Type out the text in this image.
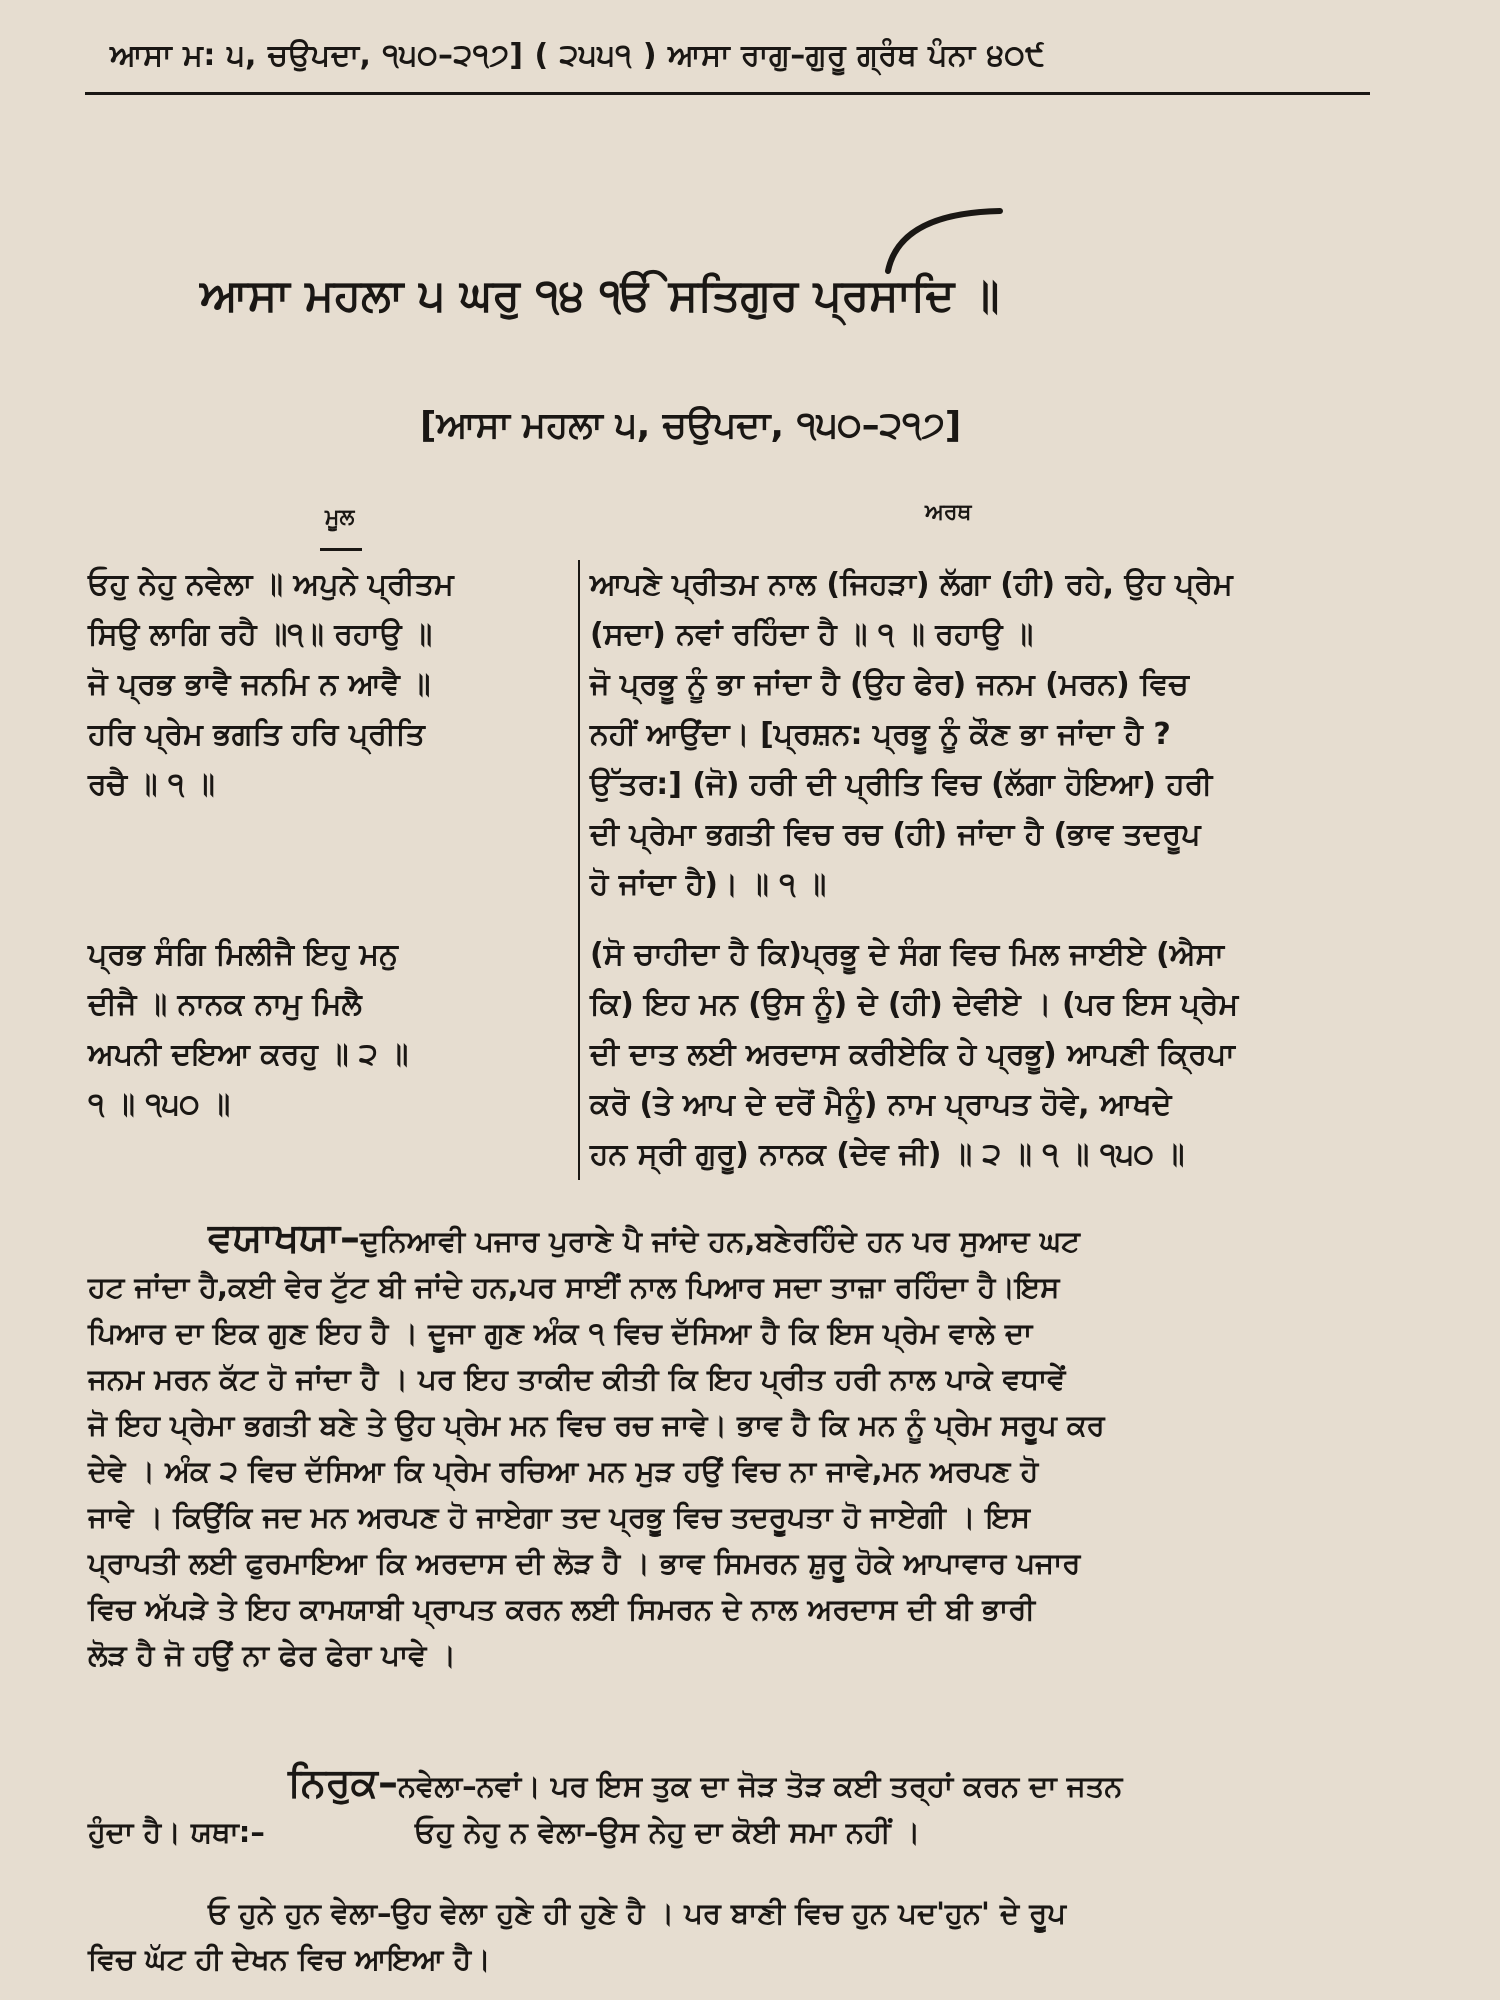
ਆਸਾ ਮ: ੫, ਚਉਪਦਾ, ੧੫੦–੨੧੭] ( ੨੫੫੧ ) ਆਸਾ ਰਾਗੁ–ਗੁਰੂ ਗ੍ਰੰਥ ਪੰਨਾ ੪੦੯
ਆਸਾ ਮਹਲਾ ੫ ਘਰੁ ੧੪ ੴ ਸਤਿਗੁਰ ਪ੍ਰਸਾਦਿ ॥
[ਆਸਾ ਮਹਲਾ ੫, ਚਉਪਦਾ, ੧੫੦–੨੧੭]
ਮੂਲ	ਅਰਥ

ਓਹੁ ਨੇਹੁ ਨਵੇਲਾ ॥ ਅਪੁਨੇ ਪ੍ਰੀਤਮ

ਸਿਉ ਲਾਗਿ ਰਹੈ ॥੧॥ ਰਹਾਉ ॥

ਜੋ ਪ੍ਰਭ ਭਾਵੈ ਜਨਮਿ ਨ ਆਵੈ ॥

ਹਰਿ ਪ੍ਰੇਮ ਭਗਤਿ ਹਰਿ ਪ੍ਰੀਤਿ

ਰਚੈ ॥ ੧ ॥

ਪ੍ਰਭ ਸੰਗਿ ਮਿਲੀਜੈ ਇਹੁ ਮਨੁ

ਦੀਜੈ ॥ ਨਾਨਕ ਨਾਮੁ ਮਿਲੈ

ਅਪਨੀ ਦਇਆ ਕਰਹੁ ॥ ੨ ॥

੧ ॥ ੧੫੦ ॥

ਆਪਣੇ ਪ੍ਰੀਤਮ ਨਾਲ (ਜਿਹੜਾ) ਲੱਗਾ (ਹੀ) ਰਹੇ, ਉਹ ਪ੍ਰੇਮ

(ਸਦਾ) ਨਵਾਂ ਰਹਿੰਦਾ ਹੈ ॥ ੧ ॥ ਰਹਾਉ ॥

ਜੋ ਪ੍ਰਭੂ ਨੂੰ ਭਾ ਜਾਂਦਾ ਹੈ (ਉਹ ਫੇਰ) ਜਨਮ (ਮਰਨ) ਵਿਚ

ਨਹੀਂ ਆਉਂਦਾ। [ਪ੍ਰਸ਼ਨ: ਪ੍ਰਭੂ ਨੂੰ ਕੌਣ ਭਾ ਜਾਂਦਾ ਹੈ ?

ਉੱਤਰ:] (ਜੋ) ਹਰੀ ਦੀ ਪ੍ਰੀਤਿ ਵਿਚ (ਲੱਗਾ ਹੋਇਆ) ਹਰੀ

ਦੀ ਪ੍ਰੇਮਾ ਭਗਤੀ ਵਿਚ ਰਚ (ਹੀ) ਜਾਂਦਾ ਹੈ (ਭਾਵ ਤਦਰੂਪ

ਹੋ ਜਾਂਦਾ ਹੈ)। ॥ ੧ ॥

(ਸੋ ਚਾਹੀਦਾ ਹੈ ਕਿ)ਪ੍ਰਭੂ ਦੇ ਸੰਗ ਵਿਚ ਮਿਲ ਜਾਈਏ (ਐਸਾ

ਕਿ) ਇਹ ਮਨ (ਉਸ ਨੂੰ) ਦੇ (ਹੀ) ਦੇਵੀਏ । (ਪਰ ਇਸ ਪ੍ਰੇਮ

ਦੀ ਦਾਤ ਲਈ ਅਰਦਾਸ ਕਰੀਏਕਿ ਹੇ ਪ੍ਰਭੂ) ਆਪਣੀ ਕ੍ਰਿਪਾ

ਕਰੋ (ਤੇ ਆਪ ਦੇ ਦਰੋਂ ਮੈਨੂੰ) ਨਾਮ ਪ੍ਰਾਪਤ ਹੋਵੇ, ਆਖਦੇ

ਹਨ ਸ੍ਰੀ ਗੁਰੂ) ਨਾਨਕ (ਦੇਵ ਜੀ) ॥ ੨ ॥ ੧ ॥ ੧੫੦ ॥

ਵਯਾਖਯਾ–ਦੁਨਿਆਵੀ ਪਜਾਰ ਪੁਰਾਣੇ ਪੈ ਜਾਂਦੇ ਹਨ,ਬਣੇਰਹਿੰਦੇ ਹਨ ਪਰ ਸੁਆਦ ਘਟ

ਹਟ ਜਾਂਦਾ ਹੈ,ਕਈ ਵੇਰ ਟੁੱਟ ਬੀ ਜਾਂਦੇ ਹਨ,ਪਰ ਸਾਈਂ ਨਾਲ ਪਿਆਰ ਸਦਾ ਤਾਜ਼ਾ ਰਹਿੰਦਾ ਹੈ।ਇਸ

ਪਿਆਰ ਦਾ ਇਕ ਗੁਣ ਇਹ ਹੈ । ਦੂਜਾ ਗੁਣ ਅੰਕ ੧ ਵਿਚ ਦੱਸਿਆ ਹੈ ਕਿ ਇਸ ਪ੍ਰੇਮ ਵਾਲੇ ਦਾ

ਜਨਮ ਮਰਨ ਕੱਟ ਹੋ ਜਾਂਦਾ ਹੈ । ਪਰ ਇਹ ਤਾਕੀਦ ਕੀਤੀ ਕਿ ਇਹ ਪ੍ਰੀਤ ਹਰੀ ਨਾਲ ਪਾਕੇ ਵਧਾਵੇਂ

ਜੋ ਇਹ ਪ੍ਰੇਮਾ ਭਗਤੀ ਬਣੇ ਤੇ ਉਹ ਪ੍ਰੇਮ ਮਨ ਵਿਚ ਰਚ ਜਾਵੇ। ਭਾਵ ਹੈ ਕਿ ਮਨ ਨੂੰ ਪ੍ਰੇਮ ਸਰੂਪ ਕਰ

ਦੇਵੇ । ਅੰਕ ੨ ਵਿਚ ਦੱਸਿਆ ਕਿ ਪ੍ਰੇਮ ਰਚਿਆ ਮਨ ਮੁੜ ਹਉਂ ਵਿਚ ਨਾ ਜਾਵੇ,ਮਨ ਅਰਪਣ ਹੋ

ਜਾਵੇ । ਕਿਉਂਕਿ ਜਦ ਮਨ ਅਰਪਣ ਹੋ ਜਾਏਗਾ ਤਦ ਪ੍ਰਭੂ ਵਿਚ ਤਦਰੂਪਤਾ ਹੋ ਜਾਏਗੀ । ਇਸ

ਪ੍ਰਾਪਤੀ ਲਈ ਫੁਰਮਾਇਆ ਕਿ ਅਰਦਾਸ ਦੀ ਲੋੜ ਹੈ । ਭਾਵ ਸਿਮਰਨ ਸ਼ੁਰੂ ਹੋਕੇ ਆਪਾਵਾਰ ਪਜਾਰ

ਵਿਚ ਅੱਪੜੇ ਤੇ ਇਹ ਕਾਮਯਾਬੀ ਪ੍ਰਾਪਤ ਕਰਨ ਲਈ ਸਿਮਰਨ ਦੇ ਨਾਲ ਅਰਦਾਸ ਦੀ ਬੀ ਭਾਰੀ

ਲੋੜ ਹੈ ਜੋ ਹਉਂ ਨਾ ਫੇਰ ਫੇਰਾ ਪਾਵੇ ।

ਨਿਰੁਕ–ਨਵੇਲਾ–ਨਵਾਂ। ਪਰ ਇਸ ਤੁਕ ਦਾ ਜੋੜ ਤੋੜ ਕਈ ਤਰ੍ਹਾਂ ਕਰਨ ਦਾ ਜਤਨ

ਹੁੰਦਾ ਹੈ। ਯਥਾ:–	ਓਹੁ ਨੇਹੁ ਨ ਵੇਲਾ–ਉਸ ਨੇਹੁ ਦਾ ਕੋਈ ਸਮਾ ਨਹੀਂ ।

ਓ ਹੁਨੇ ਹੁਨ ਵੇਲਾ–ਉਹ ਵੇਲਾ ਹੁਣੇ ਹੀ ਹੁਣੇ ਹੈ । ਪਰ ਬਾਣੀ ਵਿਚ ਹੁਨ ਪਦ'ਹੁਨ' ਦੇ ਰੂਪ

ਵਿਚ ਘੱਟ ਹੀ ਦੇਖਨ ਵਿਚ ਆਇਆ ਹੈ।
